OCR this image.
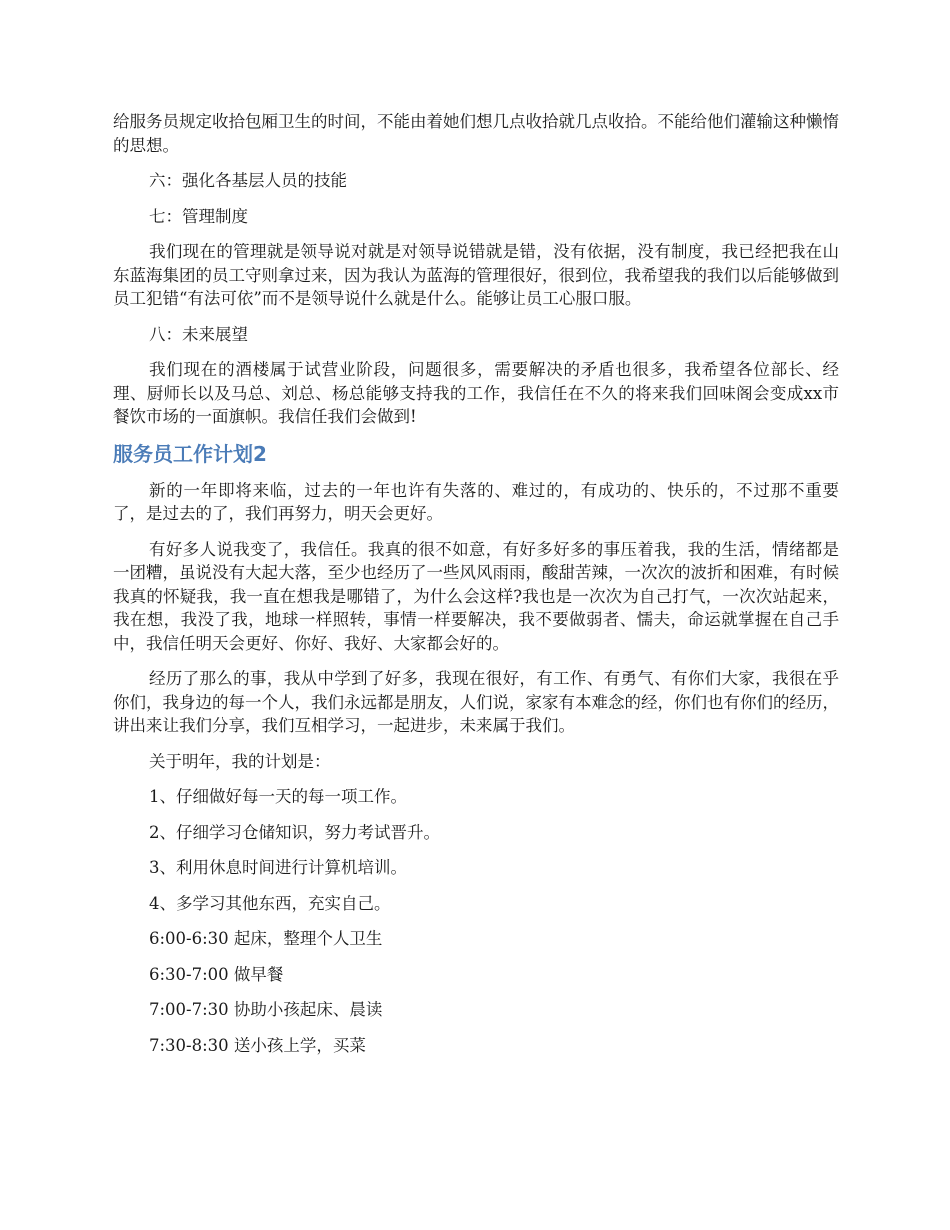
给服务员规定收拾包厢卫生的时间，不能由着她们想几点收拾就几点收拾。不能给他们灌输这种懒惰的思想。

六：强化各基层人员的技能

七：管理制度

我们现在的管理就是领导说对就是对领导说错就是错，没有依据，没有制度，我已经把我在山东蓝海集团的员工守则拿过来，因为我认为蓝海的管理很好，很到位，我希望我的我们以后能够做到员工犯错“有法可依”而不是领导说什么就是什么。能够让员工心服口服。

八：未来展望

我们现在的酒楼属于试营业阶段，问题很多，需要解决的矛盾也很多，我希望各位部长、经理、厨师长以及马总、刘总、杨总能够支持我的工作，我信任在不久的将来我们回味阁会变成xx市餐饮市场的一面旗帜。我信任我们会做到!

服务员工作计划2

新的一年即将来临，过去的一年也许有失落的、难过的，有成功的、快乐的，不过那不重要了，是过去的了，我们再努力，明天会更好。

有好多人说我变了，我信任。我真的很不如意，有好多好多的事压着我，我的生活，情绪都是一团糟，虽说没有大起大落，至少也经历了一些风风雨雨，酸甜苦辣，一次次的波折和困难，有时候我真的怀疑我，我一直在想我是哪错了，为什么会这样?我也是一次次为自己打气，一次次站起来，我在想，我没了我，地球一样照转，事情一样要解决，我不要做弱者、懦夫，命运就掌握在自己手中，我信任明天会更好、你好、我好、大家都会好的。

经历了那么的事，我从中学到了好多，我现在很好，有工作、有勇气、有你们大家，我很在乎你们，我身边的每一个人，我们永远都是朋友，人们说，家家有本难念的经，你们也有你们的经历，讲出来让我们分享，我们互相学习，一起进步，未来属于我们。

关于明年，我的计划是：

1、仔细做好每一天的每一项工作。

2、仔细学习仓储知识，努力考试晋升。

3、利用休息时间进行计算机培训。

4、多学习其他东西，充实自己。

6:00-6:30 起床，整理个人卫生

6:30-7:00 做早餐

7:00-7:30 协助小孩起床、晨读

7:30-8:30 送小孩上学，买菜
